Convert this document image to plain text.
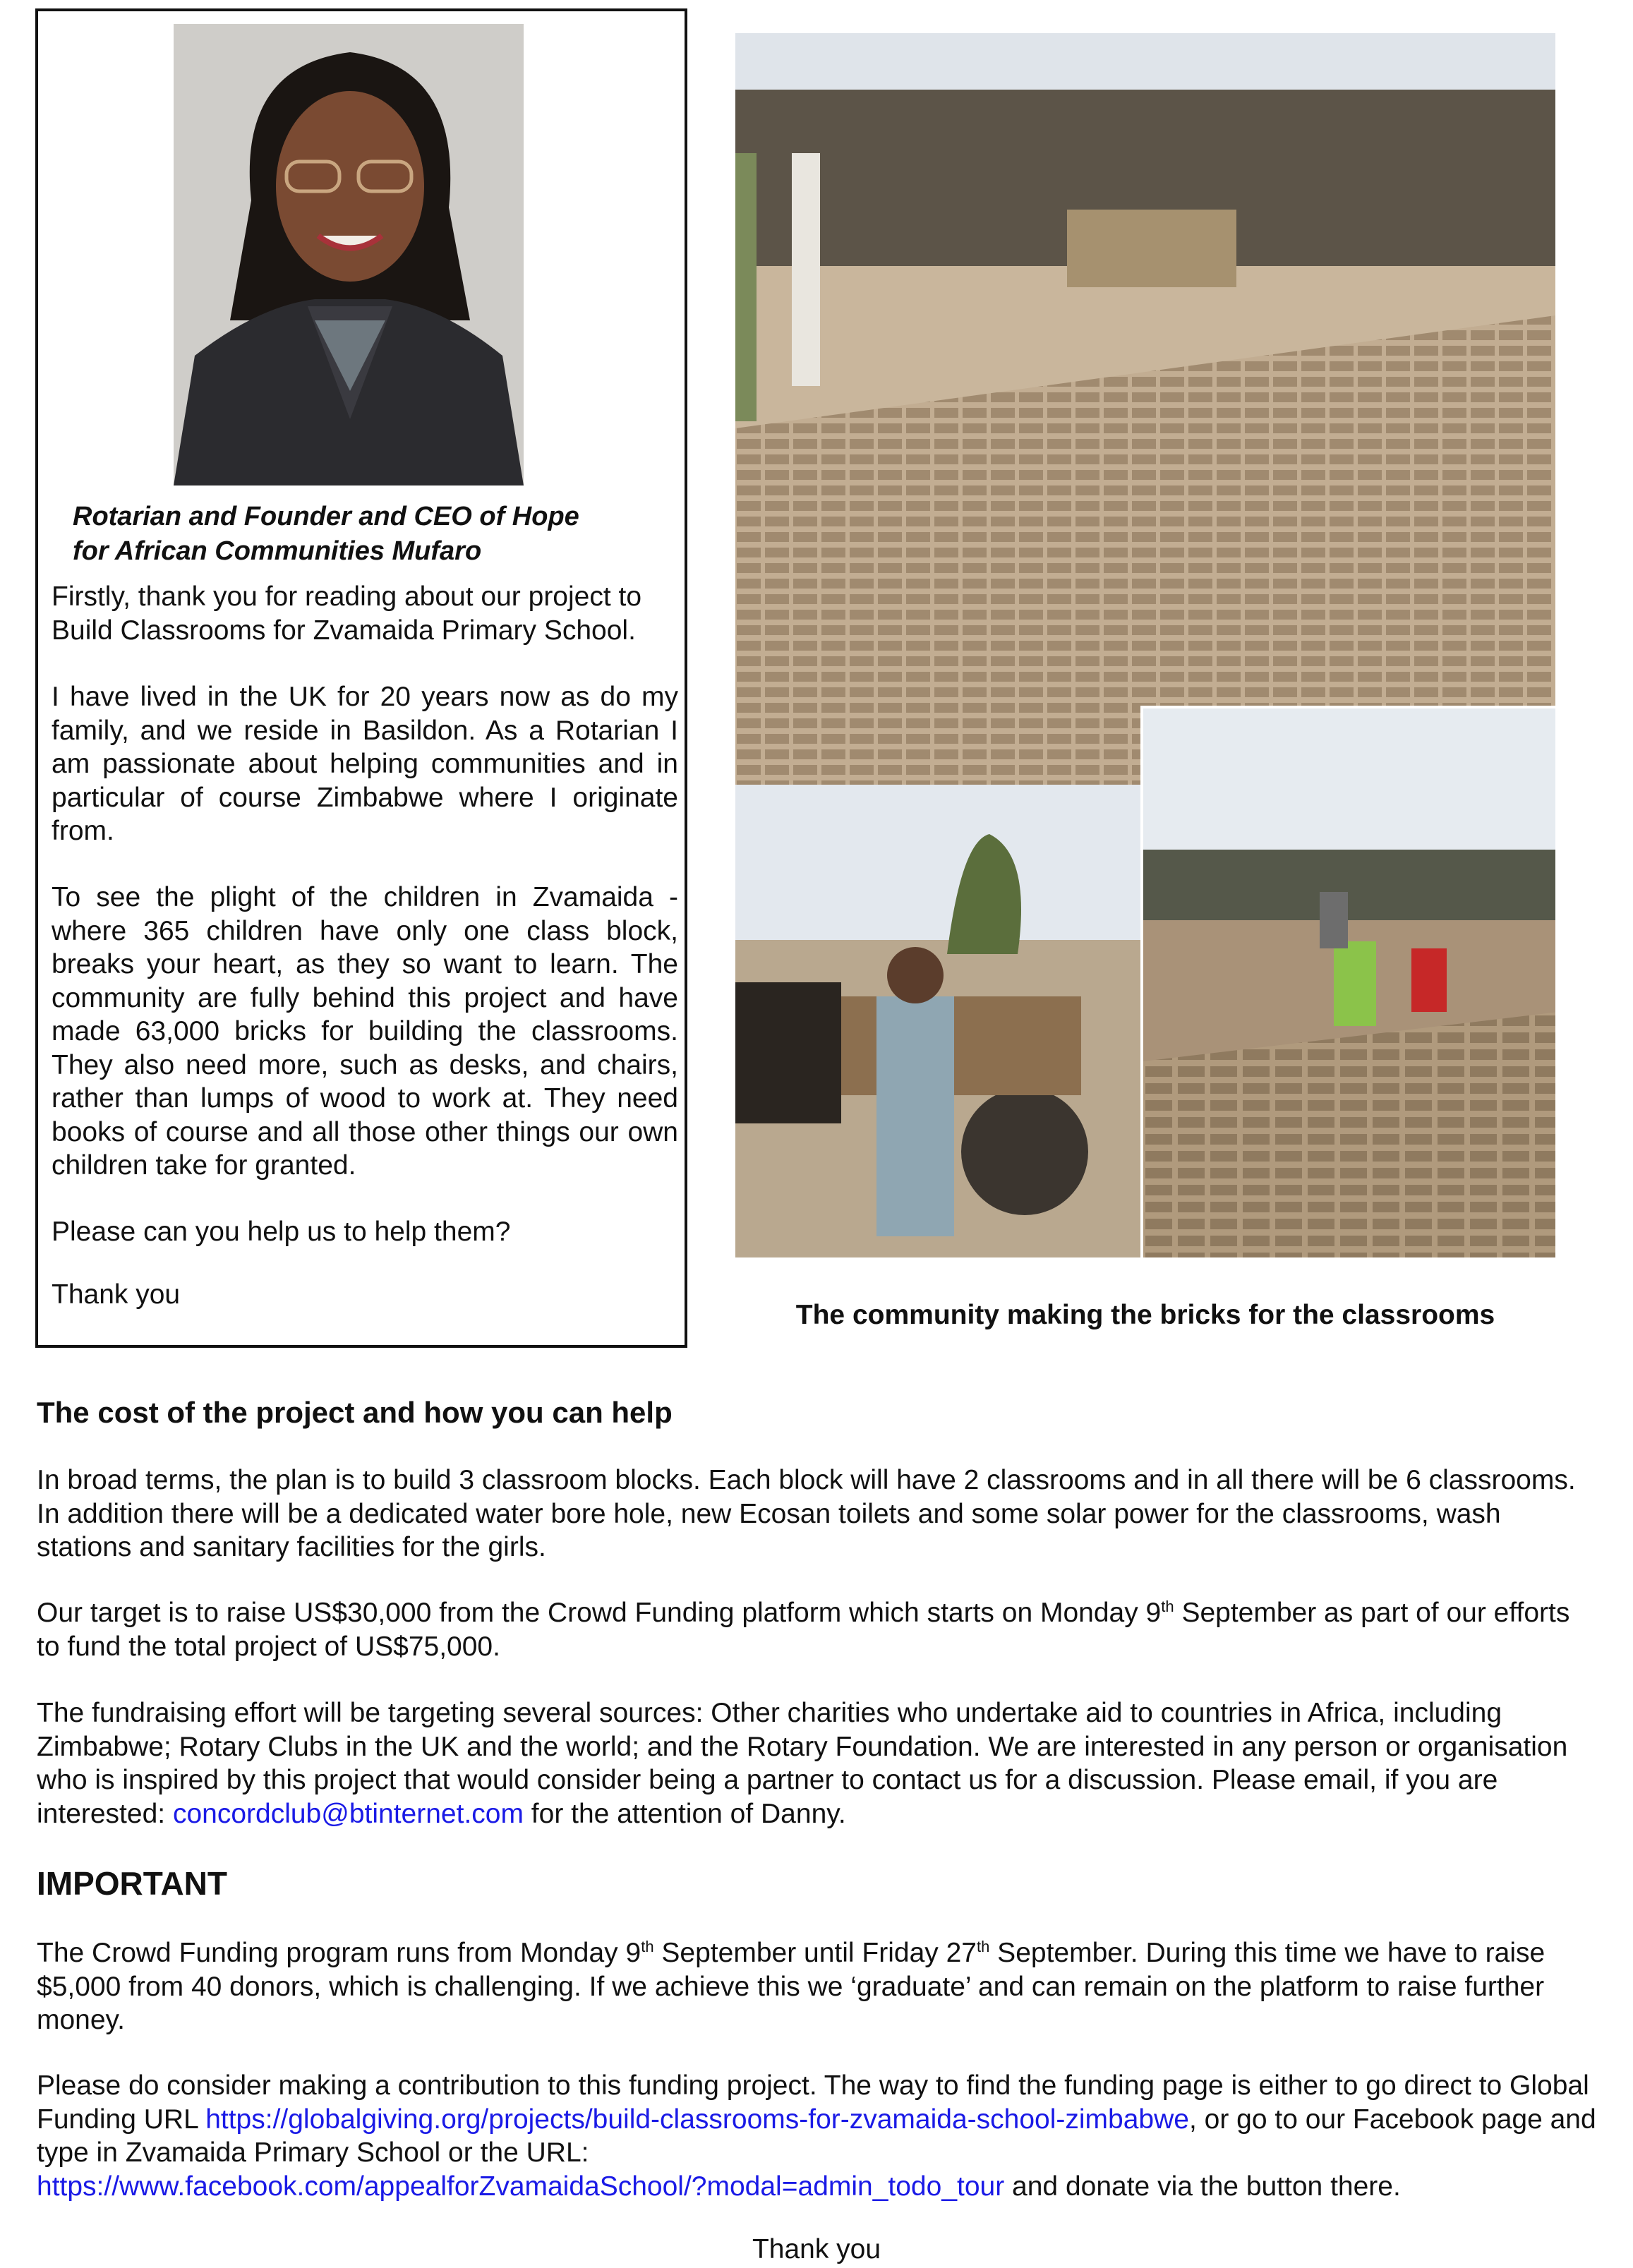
Rotarian and Founder and CEO of Hope
for African Communities Mufaro
Firstly, thank you for reading about our project to Build Classrooms for Zvamaida Primary School.
I have lived in the UK for 20 years now as do my family, and we reside in Basildon. As a Rotarian I am passionate about helping communities and in particular of course Zimbabwe where I originate from.
To see the plight of the children in Zvamaida - where 365 children have only one class block, breaks your heart, as they so want to learn. The community are fully behind this project and have made 63,000 bricks for building the classrooms. They also need more, such as desks, and chairs, rather than lumps of wood to work at. They need books of course and all those other things our own children take for granted.
Please can you help us to help them?
Thank you
The community making the bricks for the classrooms
The cost of the project and how you can help
In broad terms, the plan is to build 3 classroom blocks. Each block will have 2 classrooms and in all there will be 6 classrooms. In addition there will be a dedicated water bore hole, new Ecosan toilets and some solar power for the classrooms, wash stations and sanitary facilities for the girls.
Our target is to raise US$30,000 from the Crowd Funding platform which starts on Monday 9th September as part of our efforts to fund the total project of US$75,000.
The fundraising effort will be targeting several sources: Other charities who undertake aid to countries in Africa, including Zimbabwe; Rotary Clubs in the UK and the world; and the Rotary Foundation. We are interested in any person or organisation who is inspired by this project that would consider being a partner to contact us for a discussion. Please email, if you are interested: concordclub@btinternet.com for the attention of Danny.
IMPORTANT
The Crowd Funding program runs from Monday 9th September until Friday 27th September. During this time we have to raise $5,000 from 40 donors, which is challenging. If we achieve this we ‘graduate’ and can remain on the platform to raise further money.
Please do consider making a contribution to this funding project. The way to find the funding page is either to go direct to Global Funding URL https://globalgiving.org/projects/build-classrooms-for-zvamaida-school-zimbabwe, or go to our Facebook page and type in Zvamaida Primary School or the URL:
https://www.facebook.com/appealforZvamaidaSchool/?modal=admin_todo_tour and donate via the button there.
Thank you
